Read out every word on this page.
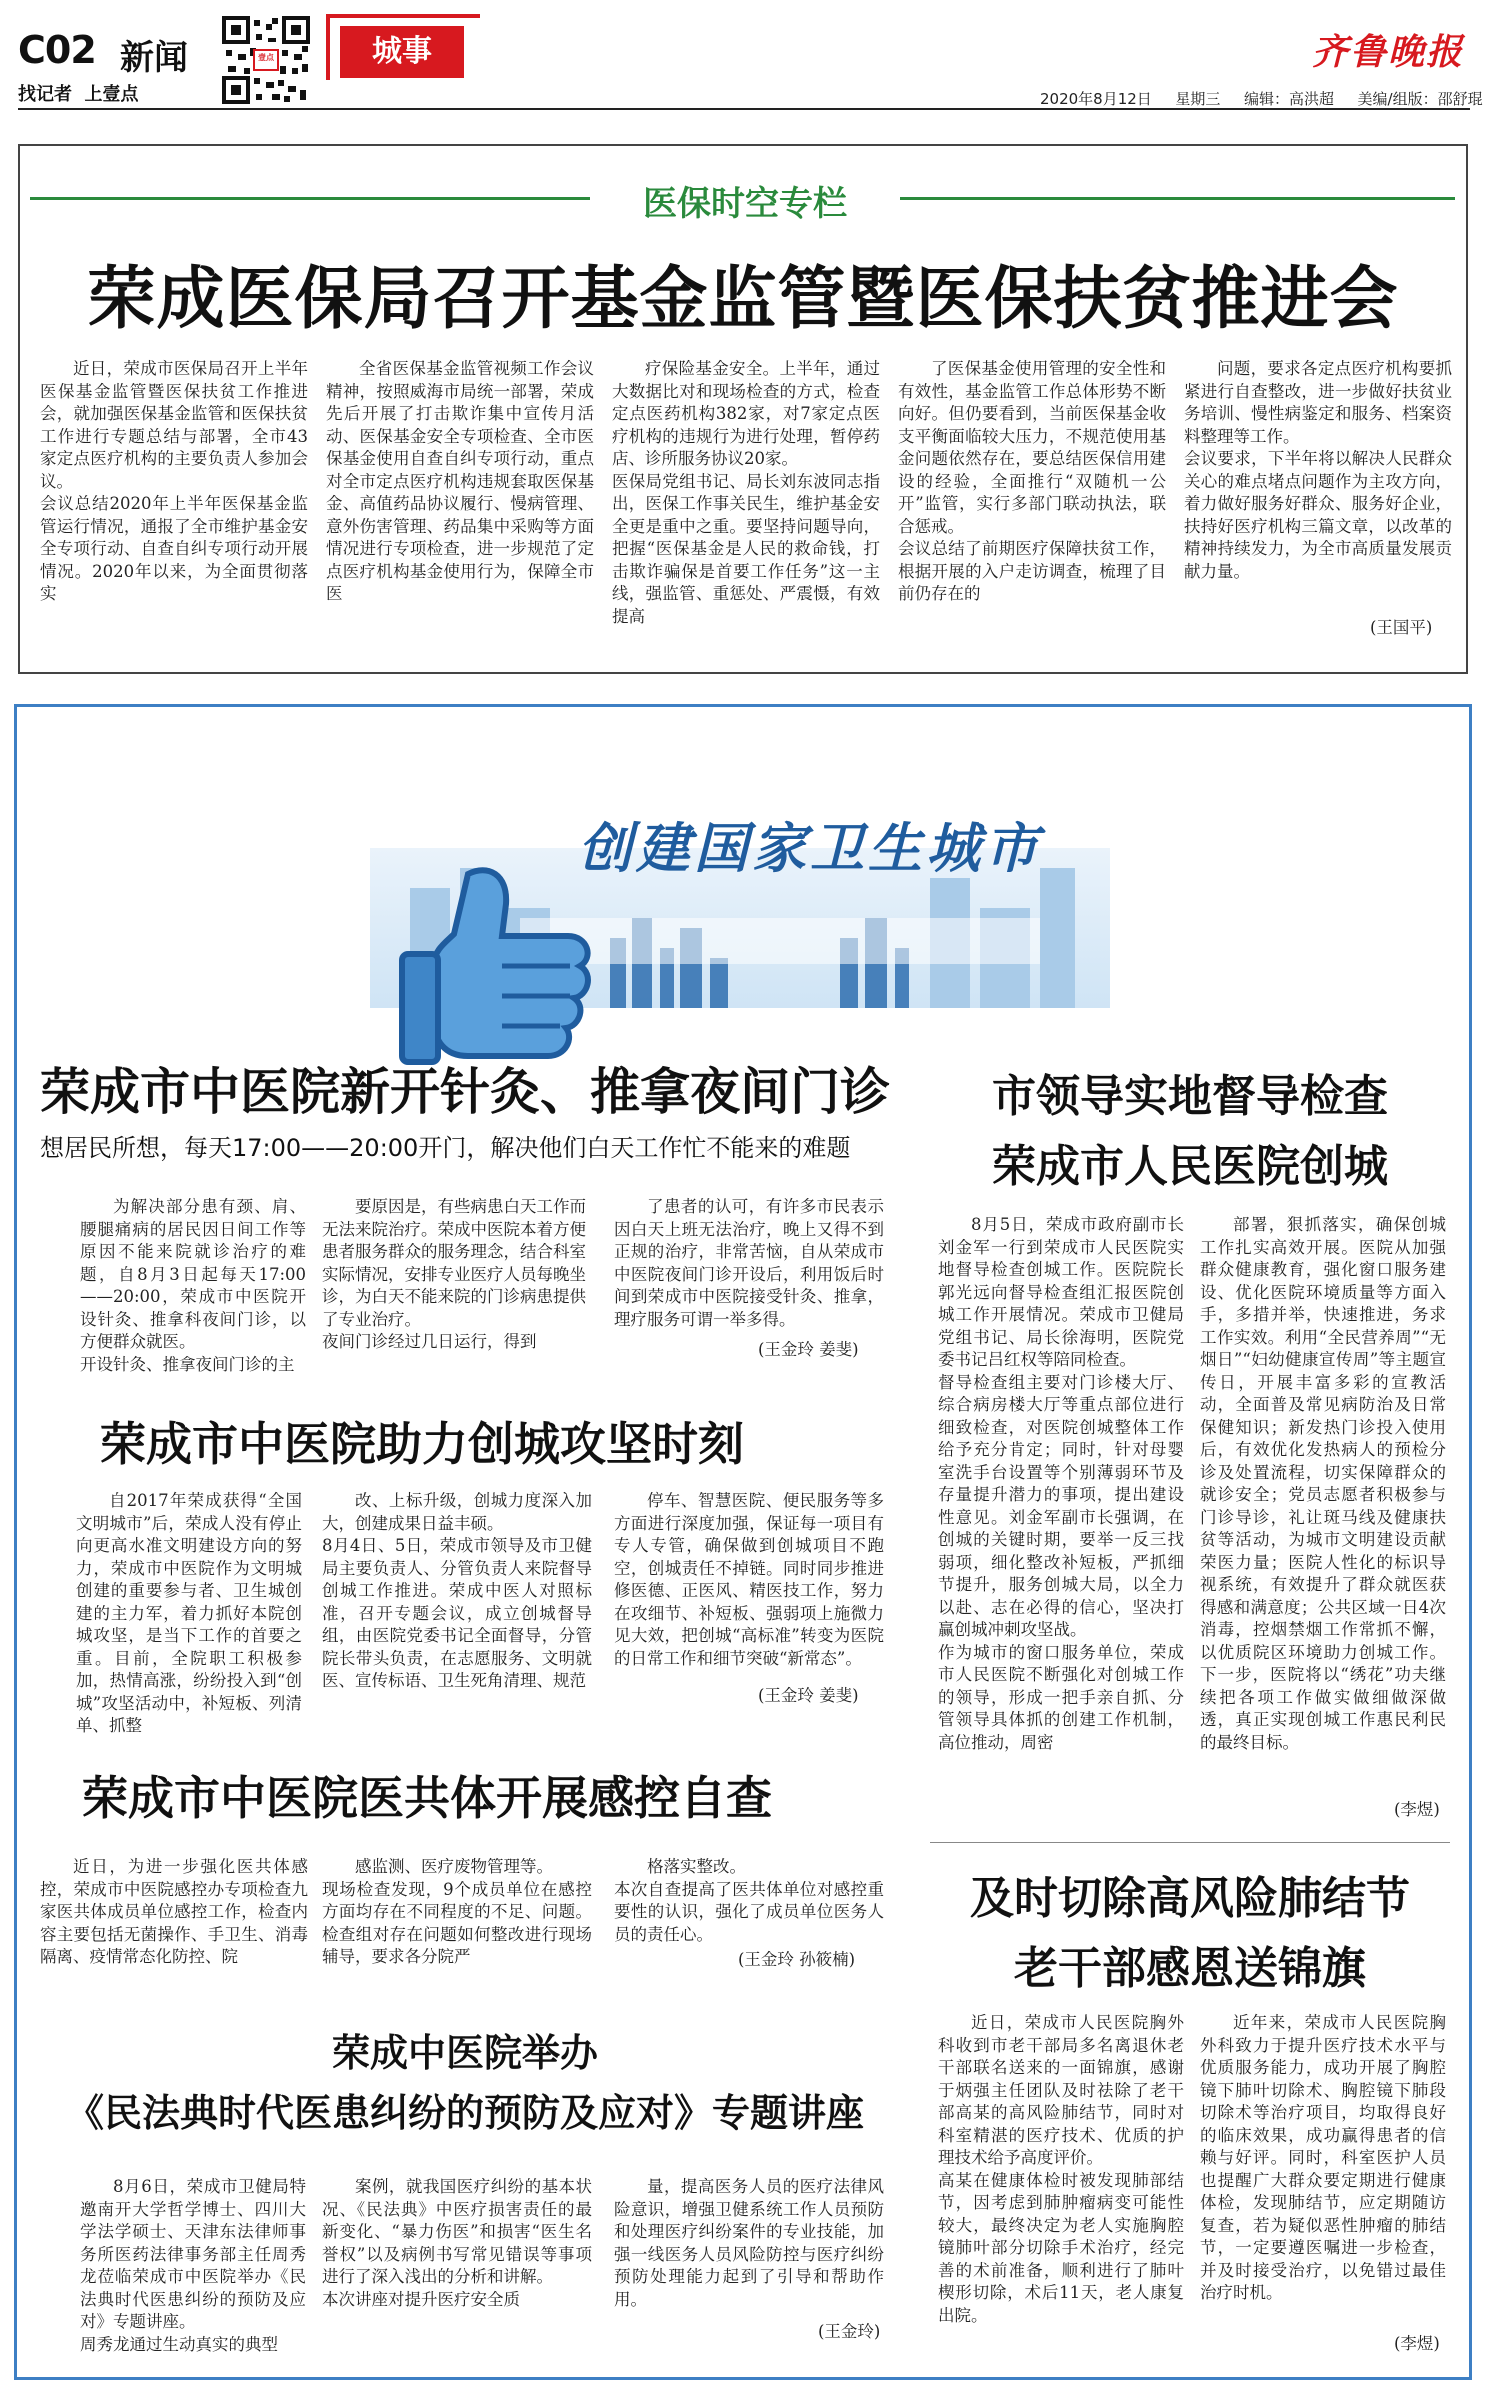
C02 新闻
找记者  上壹点
壹点	城事	齐鲁晚报
2020年8月12日 星期三 编辑：高洪超 美编/组版：邵舒琨
医保时空专栏
荣成医保局召开基金监管暨医保扶贫推进会
近日，荣成市医保局召开上半年医保基金监管暨医保扶贫工作推进会，就加强医保基金监管和医保扶贫工作进行专题总结与部署，全市43家定点医疗机构的主要负责人参加会议。
会议总结2020年上半年医保基金监管运行情况，通报了全市维护基金安全专项行动、自查自纠专项行动开展情况。2020年以来，为全面贯彻落实
全省医保基金监管视频工作会议精神，按照威海市局统一部署，荣成先后开展了打击欺诈集中宣传月活动、医保基金安全专项检查、全市医保基金使用自查自纠专项行动，重点对全市定点医疗机构违规套取医保基金、高值药品协议履行、慢病管理、意外伤害管理、药品集中采购等方面情况进行专项检查，进一步规范了定点医疗机构基金使用行为，保障全市医
疗保险基金安全。上半年，通过大数据比对和现场检查的方式，检查定点医药机构382家，对7家定点医疗机构的违规行为进行处理，暂停药店、诊所服务协议20家。
医保局党组书记、局长刘东波同志指出，医保工作事关民生，维护基金安全更是重中之重。要坚持问题导向，把握“医保基金是人民的救命钱，打击欺诈骗保是首要工作任务”这一主线，强监管、重惩处、严震慑，有效提高
了医保基金使用管理的安全性和有效性，基金监管工作总体形势不断向好。但仍要看到，当前医保基金收支平衡面临较大压力，不规范使用基金问题依然存在，要总结医保信用建设的经验，全面推行“双随机一公开”监管，实行多部门联动执法，联合惩戒。
会议总结了前期医疗保障扶贫工作，根据开展的入户走访调查，梳理了目前仍存在的
问题，要求各定点医疗机构要抓紧进行自查整改，进一步做好扶贫业务培训、慢性病鉴定和服务、档案资料整理等工作。
会议要求，下半年将以解决人民群众关心的难点堵点问题作为主攻方向，着力做好服务好群众、服务好企业，扶持好医疗机构三篇文章，以改革的精神持续发力，为全市高质量发展贡献力量。
(王国平)
创建国家卫生城市
荣成市中医院新开针灸、推拿夜间门诊
想居民所想，每天17:00——20:00开门，解决他们白天工作忙不能来的难题
为解决部分患有颈、肩、腰腿痛病的居民因日间工作等原因不能来院就诊治疗的难题，自8月3日起每天17:00——20:00，荣成市中医院开设针灸、推拿科夜间门诊，以方便群众就医。
开设针灸、推拿夜间门诊的主
要原因是，有些病患白天工作而无法来院治疗。荣成中医院本着方便患者服务群众的服务理念，结合科室实际情况，安排专业医疗人员每晚坐诊，为白天不能来院的门诊病患提供了专业治疗。
夜间门诊经过几日运行，得到
了患者的认可，有许多市民表示因白天上班无法治疗，晚上又得不到正规的治疗，非常苦恼，自从荣成市中医院夜间门诊开设后，利用饭后时间到荣成市中医院接受针灸、推拿，理疗服务可谓一举多得。
(王金玲 姜斐)
荣成市中医院助力创城攻坚时刻
自2017年荣成获得“全国文明城市”后，荣成人没有停止向更高水准文明建设方向的努力，荣成市中医院作为文明城创建的重要参与者、卫生城创建的主力军，着力抓好本院创城攻坚，是当下工作的首要之重。目前，全院职工积极参加，热情高涨，纷纷投入到“创城”攻坚活动中，补短板、列清单、抓整
改、上标升级，创城力度深入加大，创建成果日益丰硕。
8月4日、5日，荣成市领导及市卫健局主要负责人、分管负责人来院督导创城工作推进。荣成中医人对照标准，召开专题会议，成立创城督导组，由医院党委书记全面督导，分管院长带头负责，在志愿服务、文明就医、宣传标语、卫生死角清理、规范
停车、智慧医院、便民服务等多方面进行深度加强，保证每一项目有专人专管，确保做到创城项目不跑空，创城责任不掉链。同时同步推进修医德、正医风、精医技工作，努力在攻细节、补短板、强弱项上施微力见大效，把创城“高标准”转变为医院的日常工作和细节突破“新常态”。
(王金玲 姜斐)
荣成市中医院医共体开展感控自查
近日，为进一步强化医共体感控，荣成市中医院感控办专项检查九家医共体成员单位感控工作，检查内容主要包括无菌操作、手卫生、消毒隔离、疫情常态化防控、院
感监测、医疗废物管理等。
现场检查发现，9个成员单位在感控方面均存在不同程度的不足、问题。检查组对存在问题如何整改进行现场辅导，要求各分院严
格落实整改。
本次自查提高了医共体单位对感控重要性的认识，强化了成员单位医务人员的责任心。
(王金玲 孙筱楠)
荣成中医院举办
《民法典时代医患纠纷的预防及应对》专题讲座
8月6日，荣成市卫健局特邀南开大学哲学博士、四川大学法学硕士、天津东法律师事务所医药法律事务部主任周秀龙莅临荣成市中医院举办《民法典时代医患纠纷的预防及应对》专题讲座。
周秀龙通过生动真实的典型
案例，就我国医疗纠纷的基本状况、《民法典》中医疗损害责任的最新变化、“暴力伤医”和损害“医生名誉权”以及病例书写常见错误等事项进行了深入浅出的分析和讲解。
本次讲座对提升医疗安全质
量，提高医务人员的医疗法律风险意识，增强卫健系统工作人员预防和处理医疗纠纷案件的专业技能，加强一线医务人员风险防控与医疗纠纷预防处理能力起到了引导和帮助作用。
(王金玲)
市领导实地督导检查
荣成市人民医院创城
8月5日，荣成市政府副市长刘金军一行到荣成市人民医院实地督导检查创城工作。医院院长郭光远向督导检查组汇报医院创城工作开展情况。荣成市卫健局党组书记、局长徐海明，医院党委书记吕红权等陪同检查。
督导检查组主要对门诊楼大厅、综合病房楼大厅等重点部位进行细致检查，对医院创城整体工作给予充分肯定；同时，针对母婴室洗手台设置等个别薄弱环节及存量提升潜力的事项，提出建设性意见。刘金军副市长强调，在创城的关键时期，要举一反三找弱项，细化整改补短板，严抓细节提升，服务创城大局，以全力以赴、志在必得的信心，坚决打赢创城冲刺攻坚战。
作为城市的窗口服务单位，荣成市人民医院不断强化对创城工作的领导，形成一把手亲自抓、分管领导具体抓的创建工作机制，高位推动，周密
部署，狠抓落实，确保创城工作扎实高效开展。医院从加强群众健康教育，强化窗口服务建设、优化医院环境质量等方面入手，多措并举，快速推进，务求工作实效。利用“全民营养周”“无烟日”“妇幼健康宣传周”等主题宣传日，开展丰富多彩的宣教活动，全面普及常见病防治及日常保健知识；新发热门诊投入使用后，有效优化发热病人的预检分诊及处置流程，切实保障群众的就诊安全；党员志愿者积极参与门诊导诊，礼让斑马线及健康扶贫等活动，为城市文明建设贡献荣医力量；医院人性化的标识导视系统，有效提升了群众就医获得感和满意度；公共区域一日4次消毒，控烟禁烟工作常抓不懈，以优质院区环境助力创城工作。下一步，医院将以“绣花”功夫继续把各项工作做实做细做深做透，真正实现创城工作惠民利民的最终目标。
(李煜)
及时切除高风险肺结节
老干部感恩送锦旗
近日，荣成市人民医院胸外科收到市老干部局多名离退休老干部联名送来的一面锦旗，感谢于炳强主任团队及时祛除了老干部高某的高风险肺结节，同时对科室精湛的医疗技术、优质的护理技术给予高度评价。
高某在健康体检时被发现肺部结节，因考虑到肺肿瘤病变可能性较大，最终决定为老人实施胸腔镜肺叶部分切除手术治疗，经完善的术前准备，顺利进行了肺叶楔形切除，术后11天，老人康复出院。
近年来，荣成市人民医院胸外科致力于提升医疗技术水平与优质服务能力，成功开展了胸腔镜下肺叶切除术、胸腔镜下肺段切除术等治疗项目，均取得良好的临床效果，成功赢得患者的信赖与好评。同时，科室医护人员也提醒广大群众要定期进行健康体检，发现肺结节，应定期随访复查，若为疑似恶性肿瘤的肺结节，一定要遵医嘱进一步检查，并及时接受治疗，以免错过最佳治疗时机。
(李煜)
